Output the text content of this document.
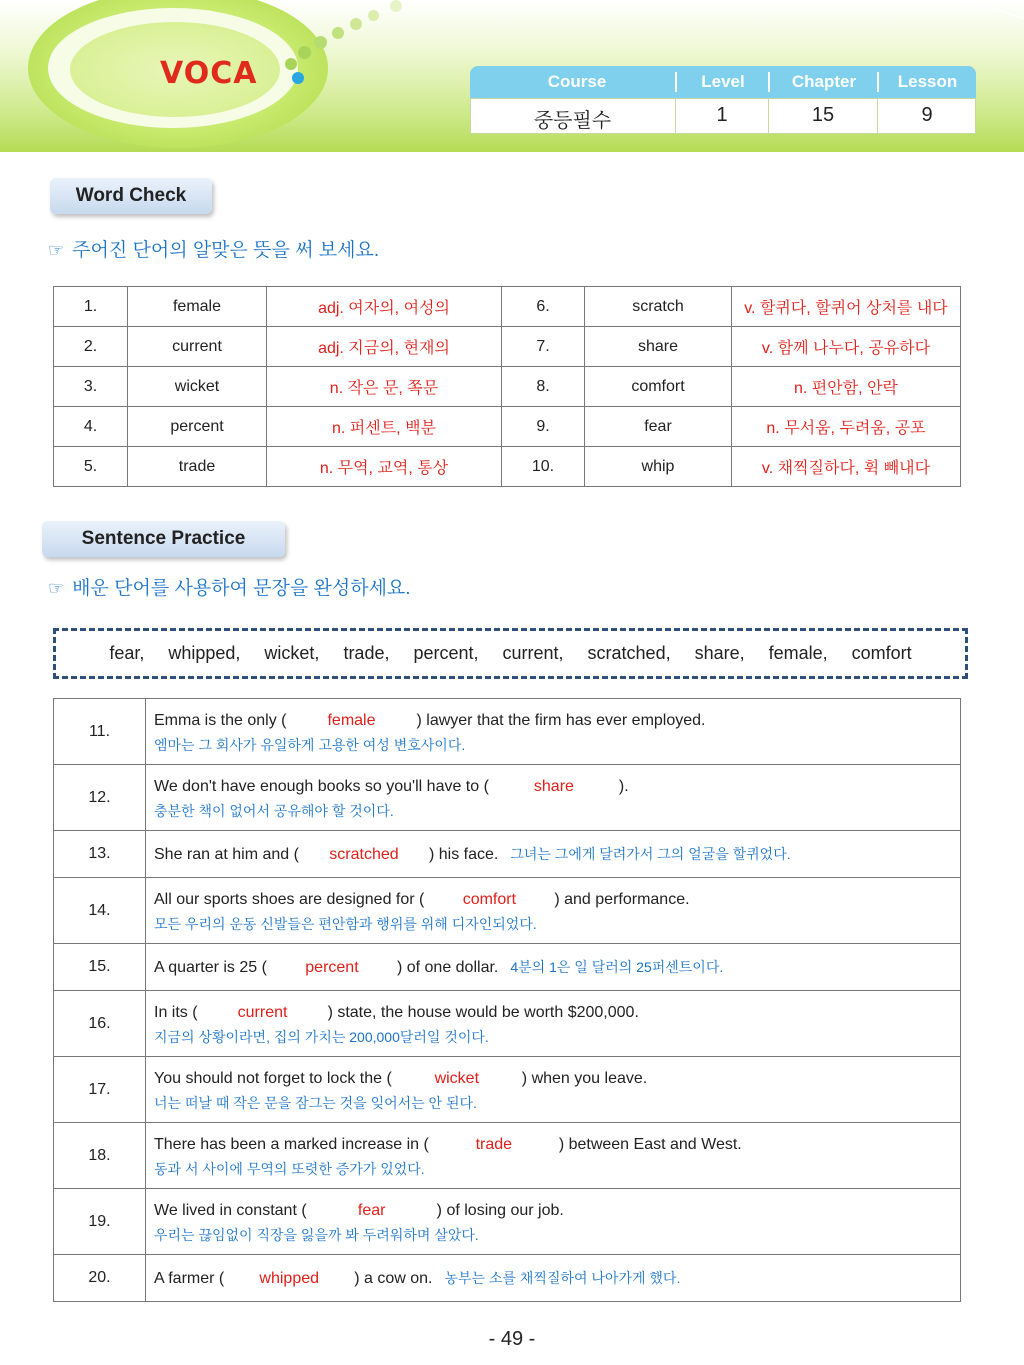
VOCA	Course	Level	Chapter	Lesson
중등필수	1	15	9
Word Check
☞ 주어진 단어의 알맞은 뜻을 써 보세요.
1.	female	adj. 여자의, 여성의	6.	scratch	v. 할퀴다, 할퀴어 상처를 내다
2.	current	adj. 지금의, 현재의	7.	share	v. 함께 나누다, 공유하다
3.	wicket	n. 작은 문, 쪽문	8.	comfort	n. 편안함, 안락
4.	percent	n. 퍼센트, 백분	9.	fear	n. 무서움, 두려움, 공포
5.	trade	n. 무역, 교역, 통상	10.	whip	v. 채찍질하다, 휙 빼내다
Sentence Practice
☞ 배운 단어를 사용하여 문장을 완성하세요.
fear,   whipped,   wicket,   trade,   percent,   current,   scratched,   share,   female,   comfort
11.	Emma is the only ( female ) lawyer that the firm has ever employed.
엠마는 그 회사가 유일하게 고용한 여성 변호사이다.

12.	We don't have enough books so you'll have to ( share ).
충분한 책이 없어서 공유해야 할 것이다.

13.	She ran at him and ( scratched ) his face. 그녀는 그에게 달려가서 그의 얼굴을 할퀴었다.

14.	All our sports shoes are designed for ( comfort ) and performance.
모든 우리의 운동 신발들은 편안함과 행위를 위해 디자인되었다.

15.	A quarter is 25 ( percent ) of one dollar. 4분의 1은 일 달러의 25퍼센트이다.

16.	In its ( current ) state, the house would be worth $200,000.
지금의 상황이라면, 집의 가치는 200,000달러일 것이다.

17.	You should not forget to lock the ( wicket ) when you leave.
너는 떠날 때 작은 문을 잠그는 것을 잊어서는 안 된다.

18.	There has been a marked increase in ( trade ) between East and West.
동과 서 사이에 무역의 또렷한 증가가 있었다.

19.	We lived in constant ( fear ) of losing our job.
우리는 끊임없이 직장을 잃을까 봐 두려워하며 살았다.

20.	A farmer ( whipped ) a cow on. 농부는 소를 채찍질하여 나아가게 했다.
- 49 -
